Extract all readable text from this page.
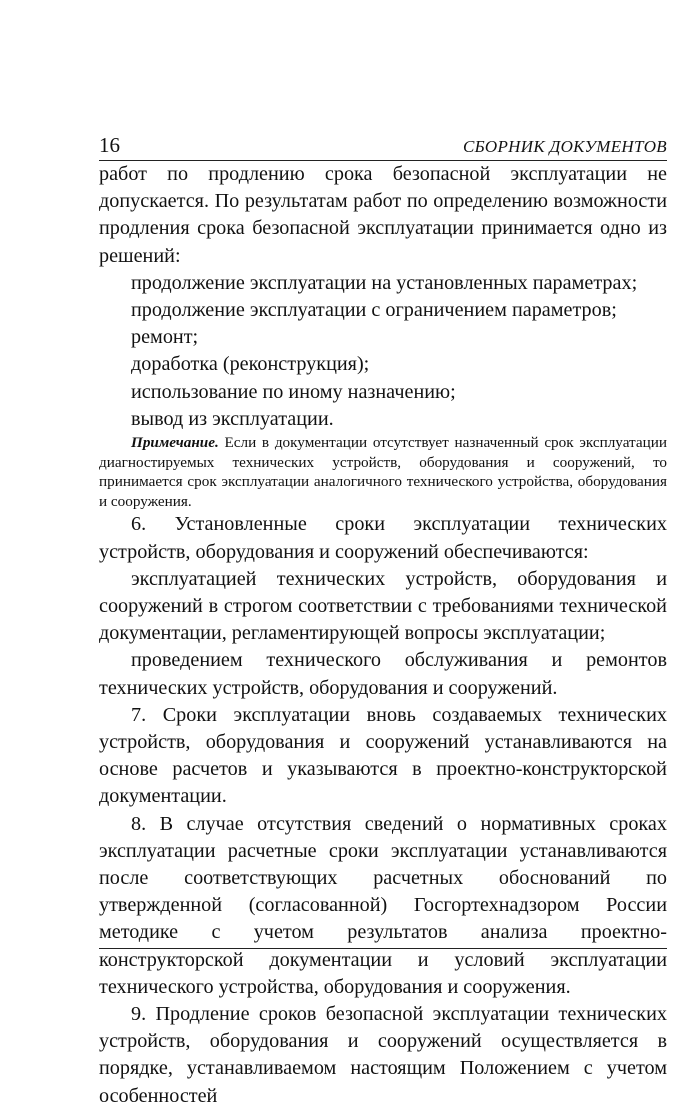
16	СБОРНИК ДОКУМЕНТОВ

работ по продлению срока безопасной эксплуатации не допускается. По результатам работ по определению возможности продления срока безопасной эксплуатации принимается одно из решений:

продолжение эксплуатации на установленных параметрах;
продолжение эксплуатации с ограничением параметров;
ремонт;
доработка (реконструкция);
использование по иному назначению;
вывод из эксплуатации.

Примечание. Если в документации отсутствует назначенный срок эксплуатации диагностируемых технических устройств, оборудования и сооружений, то принимается срок эксплуатации аналогичного технического устройства, оборудования и сооружения.

6. Установленные сроки эксплуатации технических устройств, оборудования и сооружений обеспечиваются:

эксплуатацией технических устройств, оборудования и сооружений в строгом соответствии с требованиями технической документации, регламентирующей вопросы эксплуатации;

проведением технического обслуживания и ремонтов технических устройств, оборудования и сооружений.

7. Сроки эксплуатации вновь создаваемых технических устройств, оборудования и сооружений устанавливаются на основе расчетов и указываются в проектно-конструкторской документации.

8. В случае отсутствия сведений о нормативных сроках эксплуатации расчетные сроки эксплуатации устанавливаются после соответствующих расчетных обоснований по утвержденной (согласованной) Госгортехнадзором России методике с учетом результатов анализа проектно-конструкторской документации и условий эксплуатации технического устройства, оборудования и сооружения.

9. Продление сроков безопасной эксплуатации технических устройств, оборудования и сооружений осуществляется в порядке, устанавливаемом настоящим Положением с учетом особенностей
